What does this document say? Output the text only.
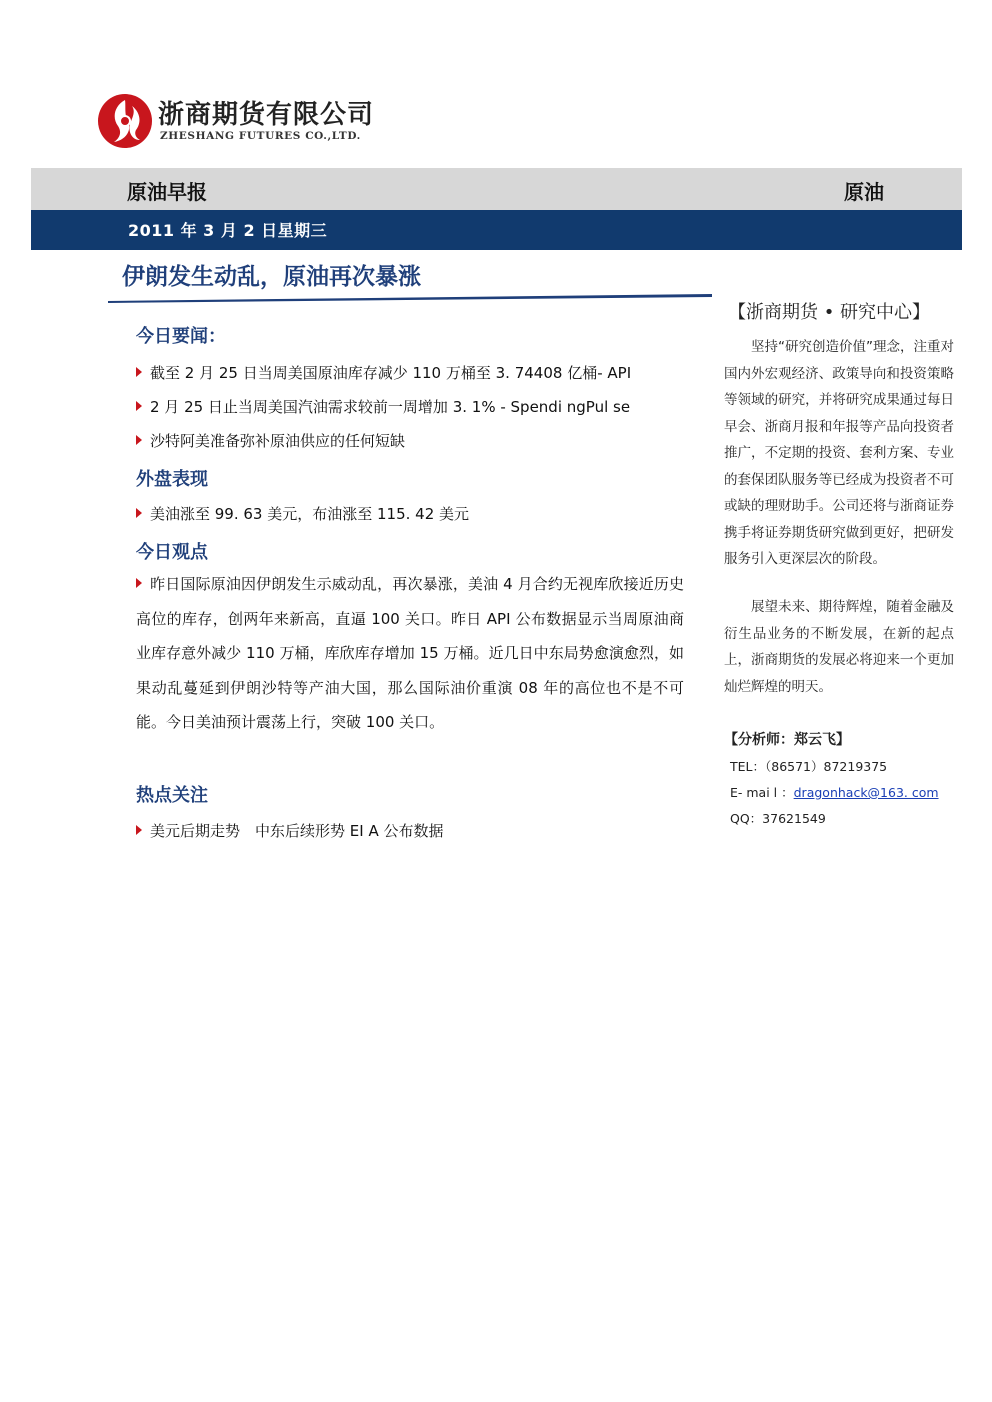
浙商期货有限公司
ZHESHANG FUTURES CO.,LTD.
原油早报	原油
2011 年 3 月 2 日星期三
伊朗发生动乱，原油再次暴涨
今日要闻：
截至 2 月 25 日当周美国原油库存减少 110 万桶至 3. 74408 亿桶- API
2 月 25 日止当周美国汽油需求较前一周增加 3. 1% - Spendi ngPul se
沙特阿美准备弥补原油供应的任何短缺
外盘表现
美油涨至 99. 63 美元，布油涨至 115. 42 美元
今日观点
昨日国际原油因伊朗发生示威动乱，再次暴涨，美油 4 月合约无视库欣接近历史高位的库存，创两年来新高，直逼 100 关口。昨日 API 公布数据显示当周原油商业库存意外减少 110 万桶，库欣库存增加 15 万桶。近几日中东局势愈演愈烈，如果动乱蔓延到伊朗沙特等产油大国，那么国际油价重演 08 年的高位也不是不可能。今日美油预计震荡上行，突破 100 关口。
热点关注
美元后期走势　中东后续形势 EI A 公布数据
【浙商期货 • 研究中心】
坚持“研究创造价值”理念，注重对国内外宏观经济、政策导向和投资策略等领域的研究，并将研究成果通过每日早会、浙商月报和年报等产品向投资者推广，不定期的投资、套利方案、专业的套保团队服务等已经成为投资者不可或缺的理财助手。公司还将与浙商证券携手将证券期货研究做到更好，把研发服务引入更深层次的阶段。
展望未来、期待辉煌，随着金融及衍生品业务的不断发展，在新的起点上，浙商期货的发展必将迎来一个更加灿烂辉煌的明天。
【分析师：郑云飞】
TEL：（86571）87219375
E- mai l ：dragonhack@163. com
QQ：37621549
